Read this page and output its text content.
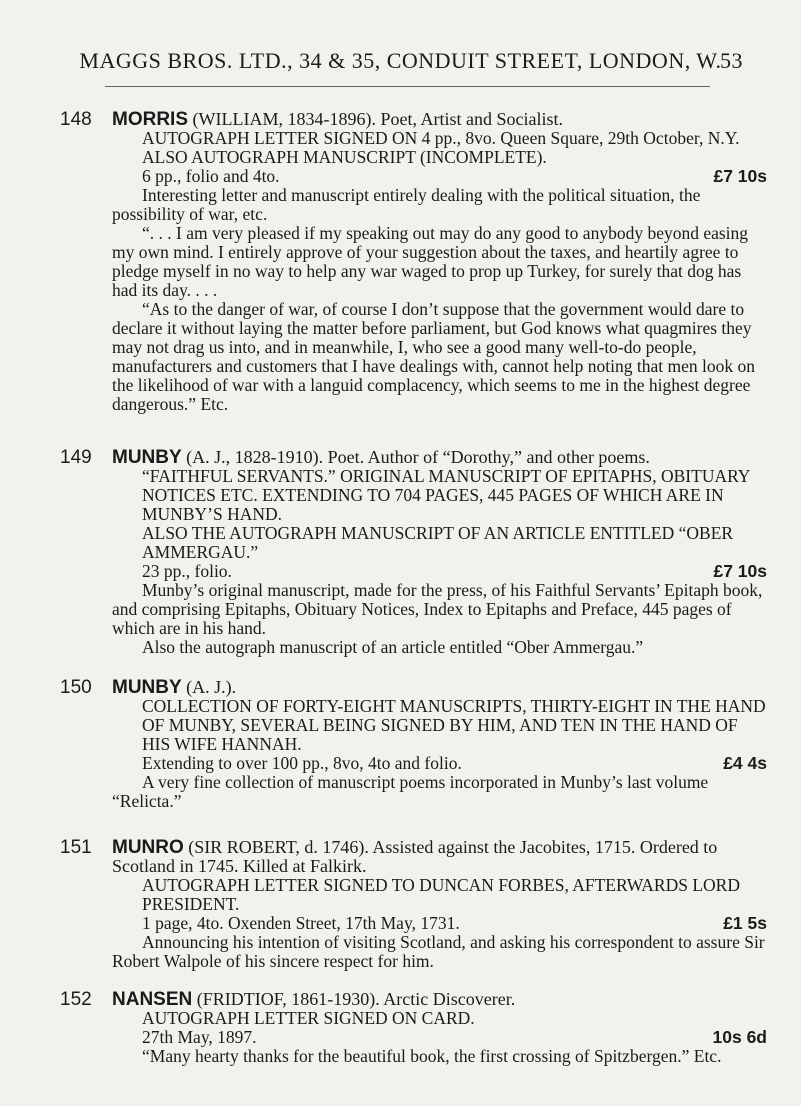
MAGGS BROS. LTD., 34 & 35, CONDUIT STREET, LONDON, W.
53
148 MORRIS (WILLIAM, 1834-1896). Poet, Artist and Socialist.
AUTOGRAPH LETTER SIGNED ON 4 pp., 8vo. Queen Square, 29th October, N.Y.
ALSO AUTOGRAPH MANUSCRIPT (INCOMPLETE).
6 pp., folio and 4to.	£7 10s
Interesting letter and manuscript entirely dealing with the political situation, the possibility of war, etc.
“. . . I am very pleased if my speaking out may do any good to anybody beyond easing my own mind. I entirely approve of your suggestion about the taxes, and heartily agree to pledge myself in no way to help any war waged to prop up Turkey, for surely that dog has had its day. . . .
“As to the danger of war, of course I don’t suppose that the government would dare to declare it without laying the matter before parliament, but God knows what quagmires they may not drag us into, and in meanwhile, I, who see a good many well-to-do people, manufacturers and customers that I have dealings with, cannot help noting that men look on the likelihood of war with a languid complacency, which seems to me in the highest degree dangerous.” Etc.
149 MUNBY (A. J., 1828-1910). Poet. Author of “Dorothy,” and other poems.
“FAITHFUL SERVANTS.” ORIGINAL MANUSCRIPT OF EPITAPHS, OBITUARY NOTICES ETC. EXTENDING TO 704 PAGES, 445 PAGES OF WHICH ARE IN MUNBY’S HAND.
ALSO THE AUTOGRAPH MANUSCRIPT OF AN ARTICLE ENTITLED “OBER AMMERGAU.”
23 pp., folio.	£7 10s
Munby’s original manuscript, made for the press, of his Faithful Servants’ Epitaph book, and comprising Epitaphs, Obituary Notices, Index to Epitaphs and Preface, 445 pages of which are in his hand.
Also the autograph manuscript of an article entitled “Ober Ammergau.”
150 MUNBY (A. J.).
COLLECTION OF FORTY-EIGHT MANUSCRIPTS, THIRTY-EIGHT IN THE HAND OF MUNBY, SEVERAL BEING SIGNED BY HIM, AND TEN IN THE HAND OF HIS WIFE HANNAH.
Extending to over 100 pp., 8vo, 4to and folio.	£4 4s
A very fine collection of manuscript poems incorporated in Munby’s last volume “Relicta.”
151 MUNRO (SIR ROBERT, d. 1746). Assisted against the Jacobites, 1715. Ordered to Scotland in 1745. Killed at Falkirk.
AUTOGRAPH LETTER SIGNED TO DUNCAN FORBES, AFTERWARDS LORD PRESIDENT.
1 page, 4to. Oxenden Street, 17th May, 1731.	£1 5s
Announcing his intention of visiting Scotland, and asking his correspondent to assure Sir Robert Walpole of his sincere respect for him.
152 NANSEN (FRIDTIOF, 1861-1930). Arctic Discoverer.
AUTOGRAPH LETTER SIGNED ON CARD.
27th May, 1897.	10s 6d
“Many hearty thanks for the beautiful book, the first crossing of Spitzbergen.” Etc.
